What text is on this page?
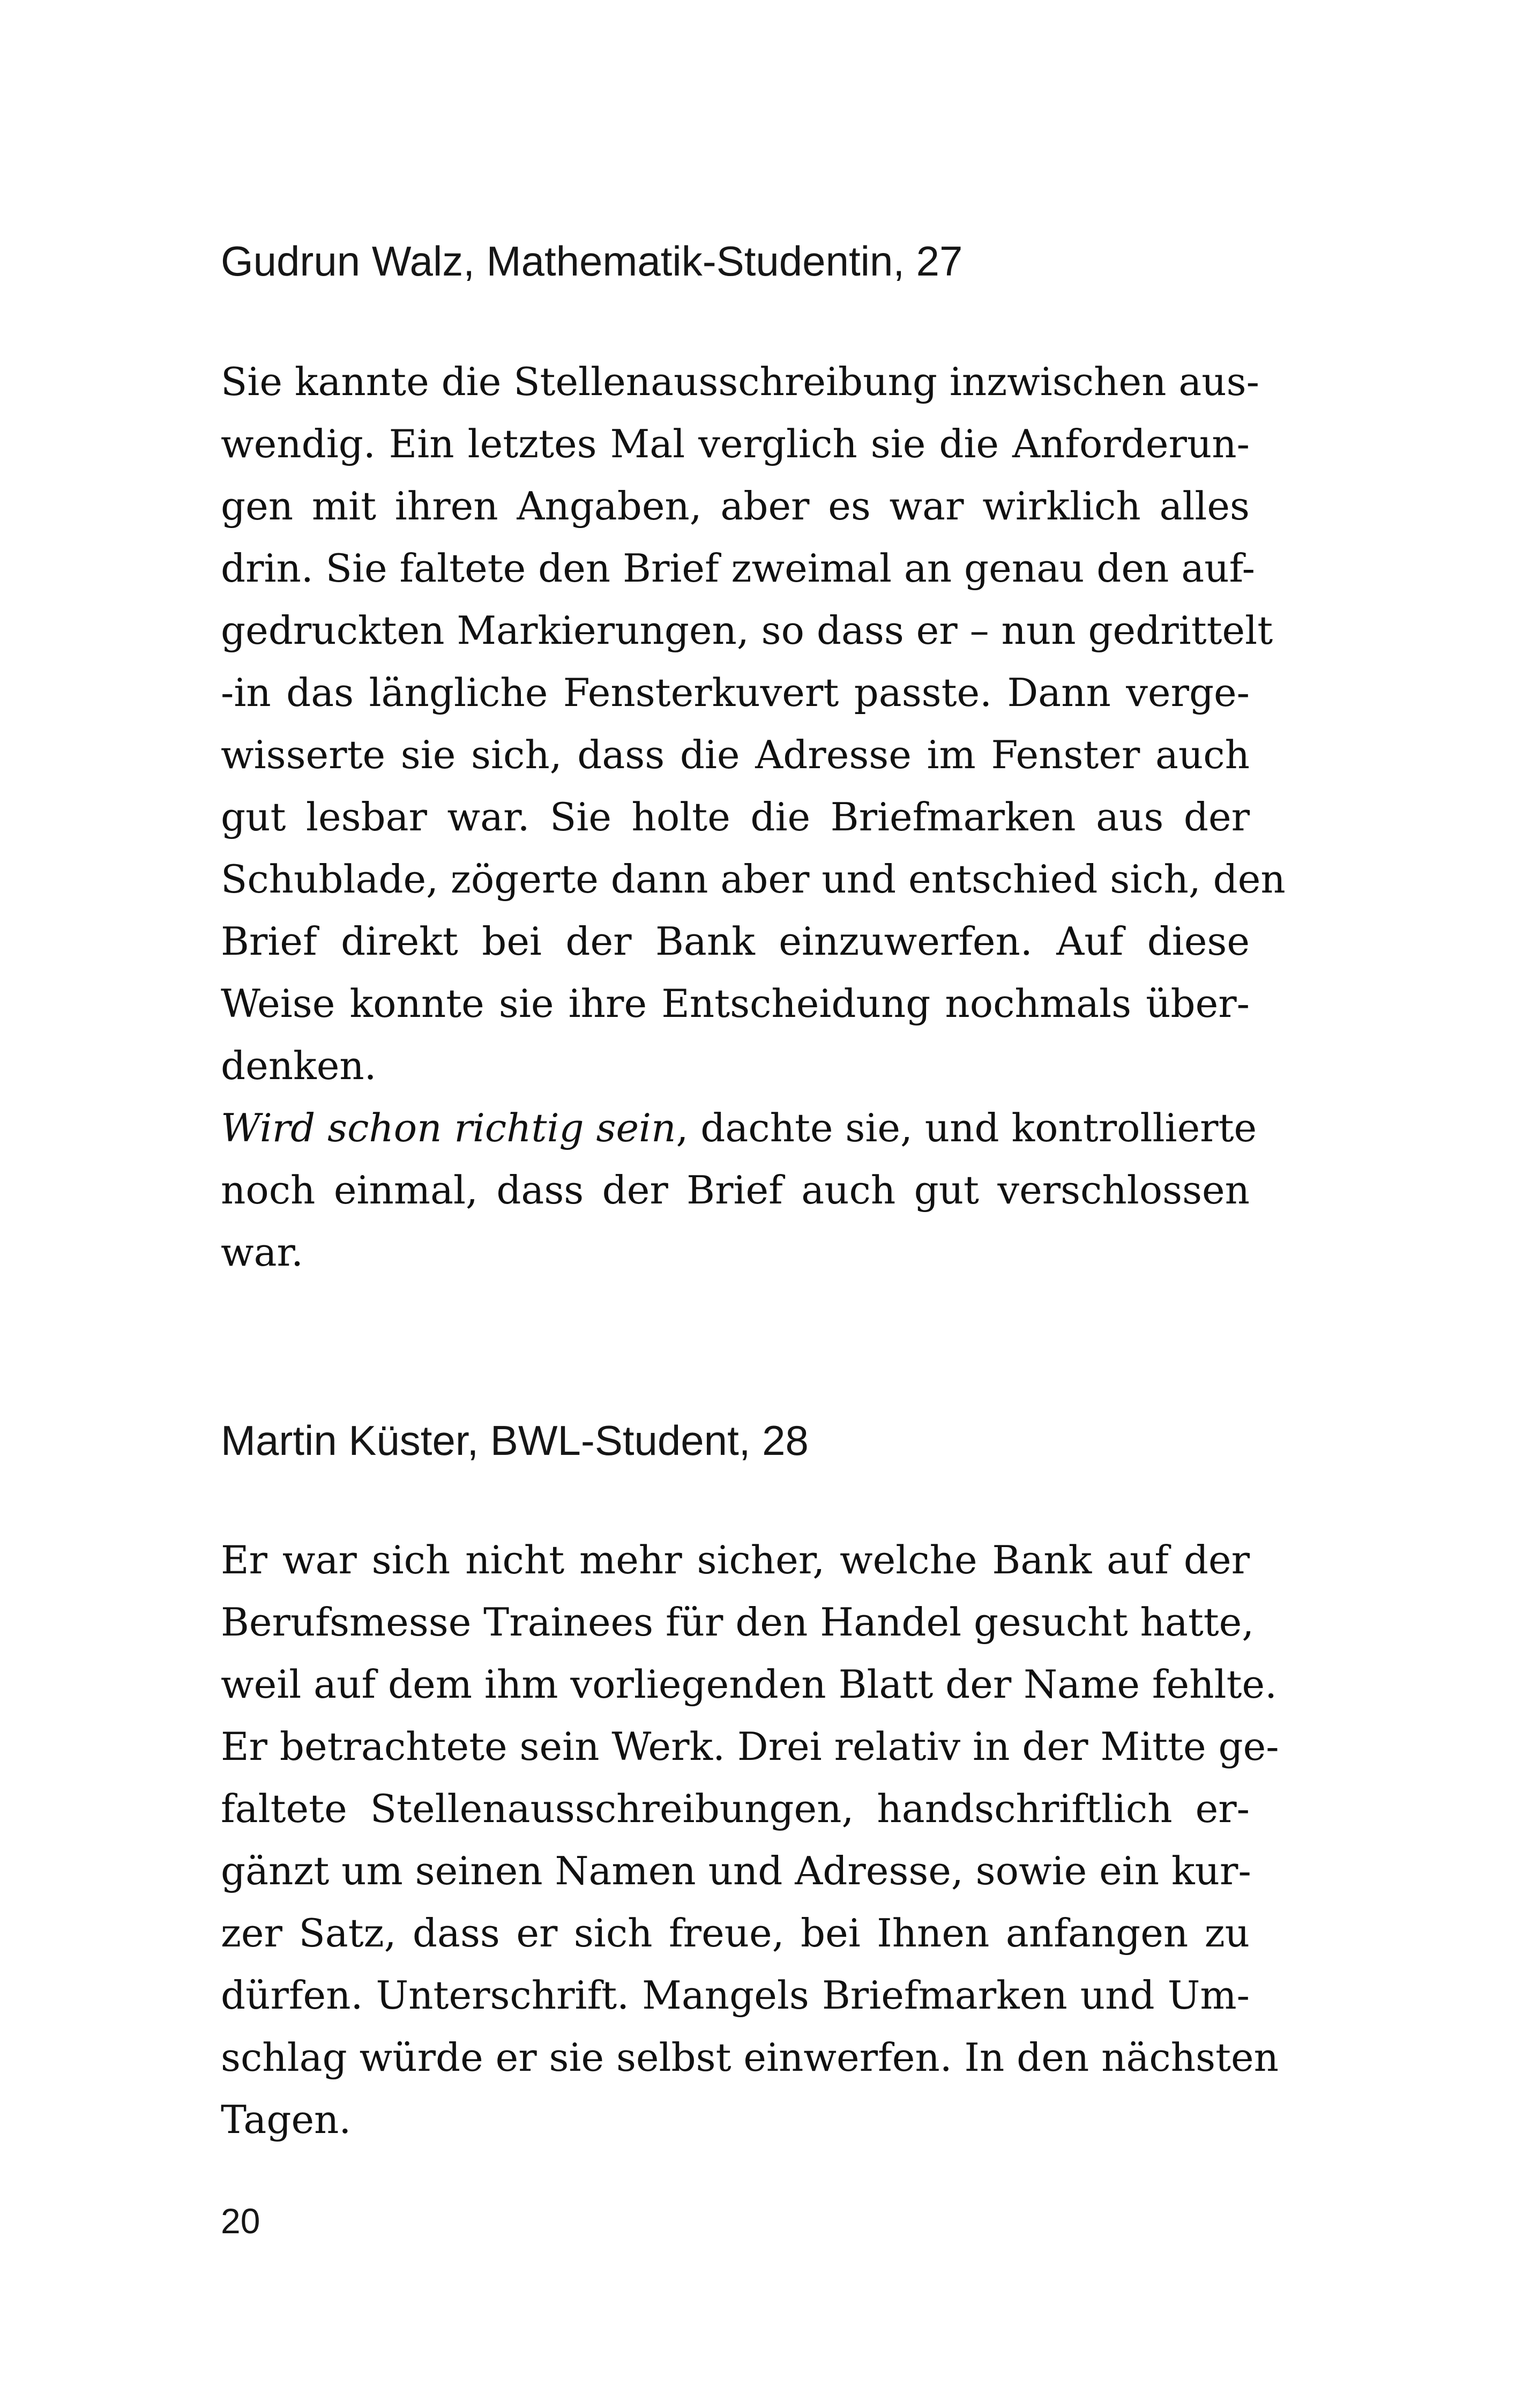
Gudrun Walz, Mathematik-Studentin, 27
Sie kannte die Stellenausschreibung inzwischen aus-
wendig. Ein letztes Mal verglich sie die Anforderun-
gen mit ihren Angaben, aber es war wirklich alles
drin. Sie faltete den Brief zweimal an genau den auf-
gedruckten Markierungen, so dass er – nun gedrittelt
-in das längliche Fensterkuvert passte. Dann verge-
wisserte sie sich, dass die Adresse im Fenster auch
gut lesbar war. Sie holte die Briefmarken aus der
Schublade, zögerte dann aber und entschied sich, den
Brief direkt bei der Bank einzuwerfen. Auf diese
Weise konnte sie ihre Entscheidung nochmals über-
denken.
Wird schon richtig sein, dachte sie, und kontrollierte
noch einmal, dass der Brief auch gut verschlossen
war.
Martin Küster, BWL-Student, 28
Er war sich nicht mehr sicher, welche Bank auf der
Berufsmesse Trainees für den Handel gesucht hatte,
weil auf dem ihm vorliegenden Blatt der Name fehlte.
Er betrachtete sein Werk. Drei relativ in der Mitte ge-
faltete Stellenausschreibungen, handschriftlich er-
gänzt um seinen Namen und Adresse, sowie ein kur-
zer Satz, dass er sich freue, bei Ihnen anfangen zu
dürfen. Unterschrift. Mangels Briefmarken und Um-
schlag würde er sie selbst einwerfen. In den nächsten
Tagen.
20
